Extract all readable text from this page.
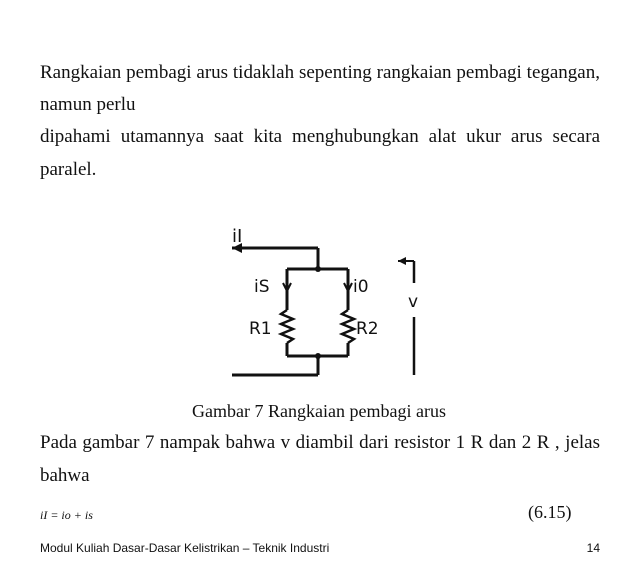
Rangkaian pembagi arus tidaklah sepenting rangkaian pembagi tegangan,
namun perlu
dipahami utamannya saat kita menghubungkan alat ukur arus secara
paralel.
iI
iS
R1
i0
R2
v
Gambar 7 Rangkaian pembagi arus
Pada gambar 7 nampak bahwa v diambil dari resistor 1 R dan 2 R , jelas
bahwa
iI = io + is	(6.15)
Modul Kuliah Dasar-Dasar Kelistrikan – Teknik Industri	14
